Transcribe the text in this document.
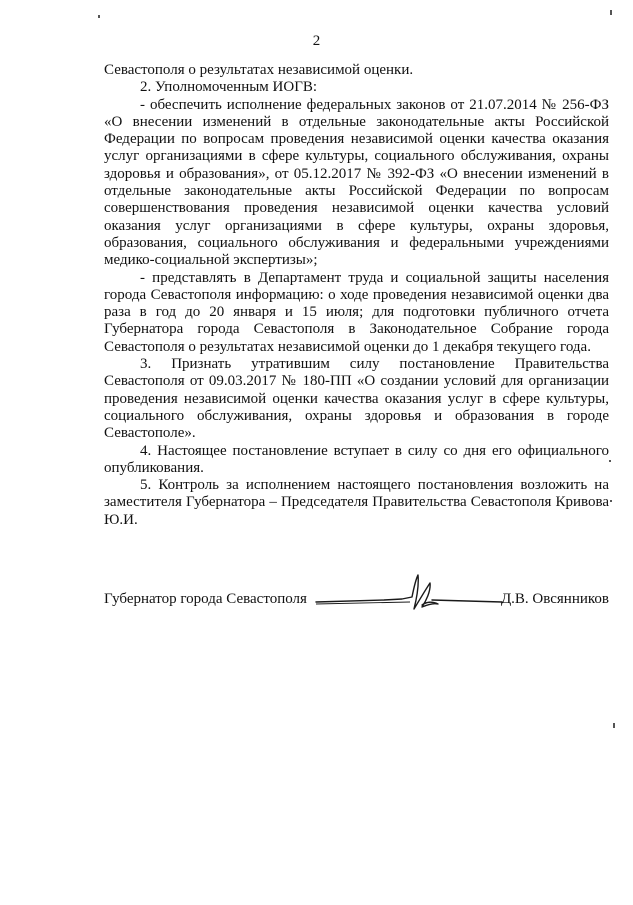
2

Севастополя о результатах независимой оценки.

2. Уполномоченным ИОГВ:

- обеспечить исполнение федеральных законов от 21.07.2014 № 256-ФЗ «О внесении изменений в отдельные законодательные акты Российской Федерации по вопросам проведения независимой оценки качества оказания услуг организациями в сфере культуры, социального обслуживания, охраны здоровья и образования», от 05.12.2017 № 392-ФЗ «О внесении изменений в отдельные законодательные акты Российской Федерации по вопросам совершенствования проведения независимой оценки качества условий оказания услуг организациями в сфере культуры, охраны здоровья, образования, социального обслуживания и федеральными учреждениями медико-социальной экспертизы»;

- представлять в Департамент труда и социальной защиты населения города Севастополя информацию: о ходе проведения независимой оценки два раза в год до 20 января и 15 июля; для подготовки публичного отчета Губернатора города Севастополя в Законодательное Собрание города Севастополя о результатах независимой оценки до 1 декабря текущего года.

3. Признать утратившим силу постановление Правительства Севастополя от 09.03.2017 № 180-ПП «О создании условий для организации проведения независимой оценки качества оказания услуг в сфере культуры, социального обслуживания, охраны здоровья и образования в городе Севастополе».

4. Настоящее постановление вступает в силу со дня его официального опубликования.

5. Контроль за исполнением настоящего постановления возложить на заместителя Губернатора – Председателя Правительства Севастополя Кривова Ю.И.

Губернатор города Севастополя	Д.В. Овсянников
